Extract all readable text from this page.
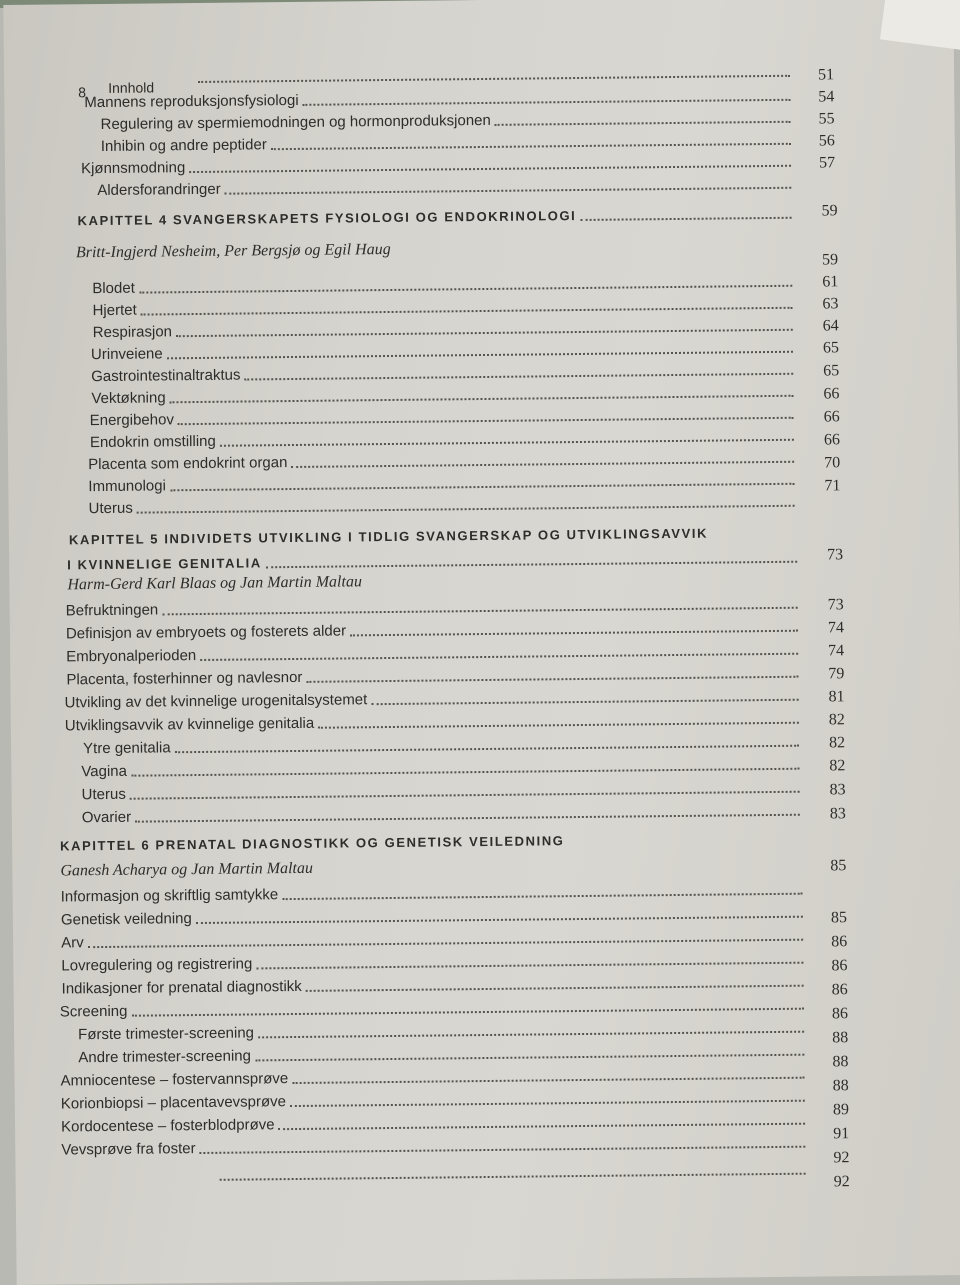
8 Innhold
Mannens reproduksjonsfysiologi
Regulering av spermiemodningen og hormonproduksjonen
Inhibin og andre peptider
Kjønnsmodning
Aldersforandringer
51
54
55
56
57
KAPITTEL 4 SVANGERSKAPETS FYSIOLOGI OG ENDOKRINOLOGI	59
Britt-Ingjerd Nesheim, Per Bergsjø og Egil Haug	59
Blodet
Hjertet
Respirasjon
Urinveiene
Gastrointestinaltraktus
Vektøkning
Energibehov
Endokrin omstilling
Placenta som endokrint organ
Immunologi
Uterus
61
63
64
65
65
66
66
66
70
71
KAPITTEL 5 INDIVIDETS UTVIKLING I TIDLIG SVANGERSKAP OG UTVIKLINGSAVVIK
I KVINNELIGE GENITALIA
73
Harm-Gerd Karl Blaas og Jan Martin Maltau
Befruktningen
Definisjon av embryoets og fosterets alder
Embryonalperioden
Placenta, fosterhinner og navlesnor
Utvikling av det kvinnelige urogenitalsystemet
Utviklingsavvik av kvinnelige genitalia
Ytre genitalia
Vagina
Uterus
Ovarier
73
74
74
79
81
82
82
82
83
83
KAPITTEL 6 PRENATAL DIAGNOSTIKK OG GENETISK VEILEDNING
85
Ganesh Acharya og Jan Martin Maltau
Informasjon og skriftlig samtykke
Genetisk veiledning
Arv
Lovregulering og registrering
Indikasjoner for prenatal diagnostikk
Screening
Første trimester-screening
Andre trimester-screening
Amniocentese – fostervannsprøve
Korionbiopsi – placentavevsprøve
Kordocentese – fosterblodprøve
Vevsprøve fra foster
85
86
86
86
86
88
88
88
89
91
92
92
